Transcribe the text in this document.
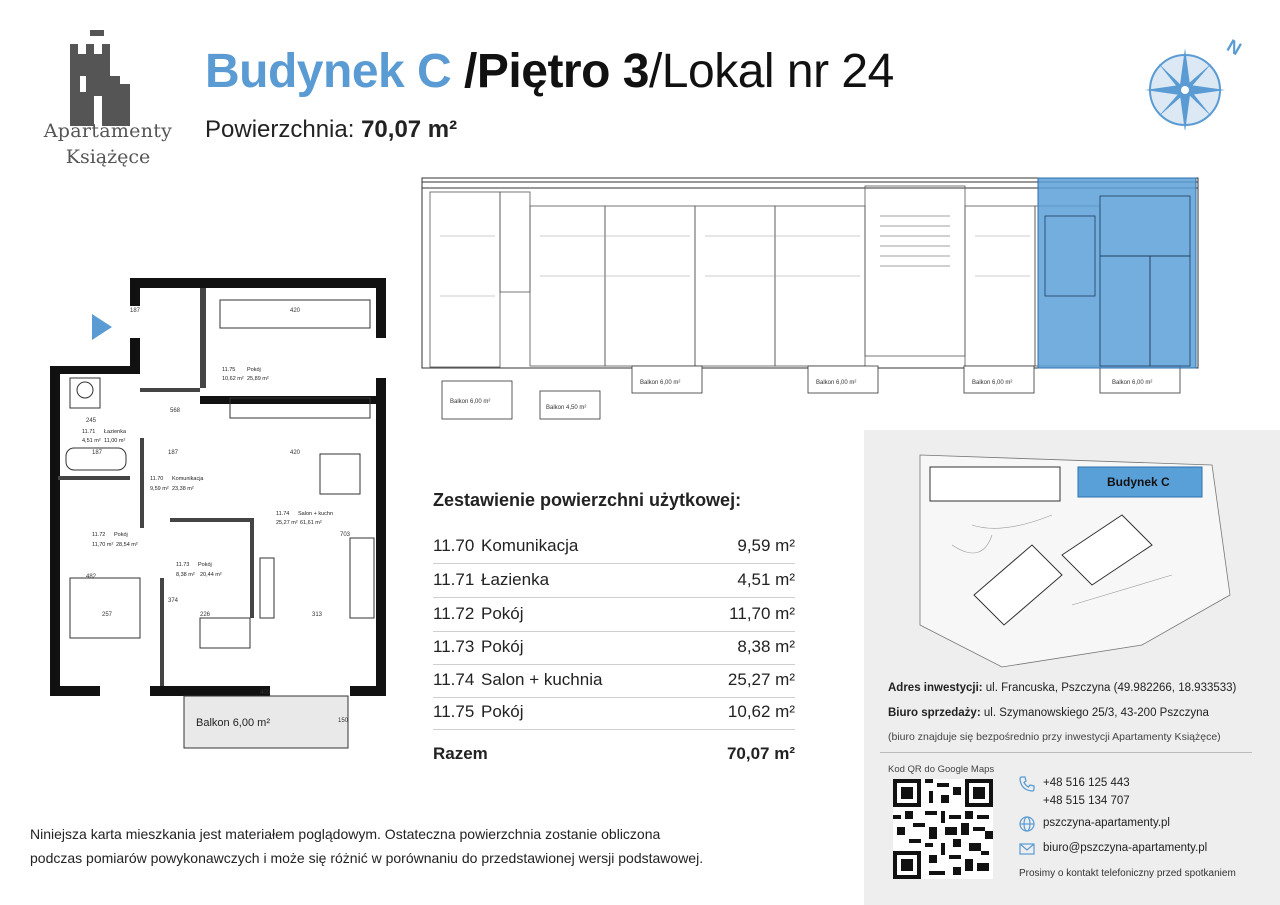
Apartamenty
Książęce
Budynek C /Piętro 3/Lokal nr 24
Powierzchnia: 70,07 m²
N
Balkon 6,00 m²
Balkon 4,50 m²
Balkon 6,00 m²	Balkon 6,00 m²	Balkon 6,00 m²	Balkon 6,00 m²
11.75 Pokój
10,62 m² 25,89 m²
11.71 Łazienka
4,51 m² 11,00 m²
11.70 Komunikacja
9,59 m² 23,38 m²
11.74 Salon + kuchn
25,27 m² 61,61 m²
11.72 Pokój
11,70 m² 28,54 m²
11.73 Pokój
8,38 m² 20,44 m²
187	420
568
245
187	187	420
703
482
374
257	226	313
400
150
Balkon 6,00 m²
Zestawienie powierzchni użytkowej:
11.70 Komunikacja	9,59 m²
11.71 Łazienka	4,51 m²
11.72 Pokój	11,70 m²
11.73 Pokój	8,38 m²
11.74 Salon + kuchnia	25,27 m²
11.75 Pokój	10,62 m²
Razem	70,07 m²
Niniejsza karta mieszkania jest materiałem poglądowym. Ostateczna powierzchnia zostanie obliczona
podczas pomiarów powykonawczych i może się różnić w porównaniu do przedstawionej wersji podstawowej.
Budynek C
Adres inwestycji: ul. Francuska, Pszczyna (49.982266, 18.933533)
Biuro sprzedaży: ul. Szymanowskiego 25/3, 43-200 Pszczyna
(biuro znajduje się bezpośrednio przy inwestycji Apartamenty Książęce)
Kod QR do Google Maps
+48 516 125 443
+48 515 134 707
pszczyna-apartamenty.pl
biuro@pszczyna-apartamenty.pl
Prosimy o kontakt telefoniczny przed spotkaniem
